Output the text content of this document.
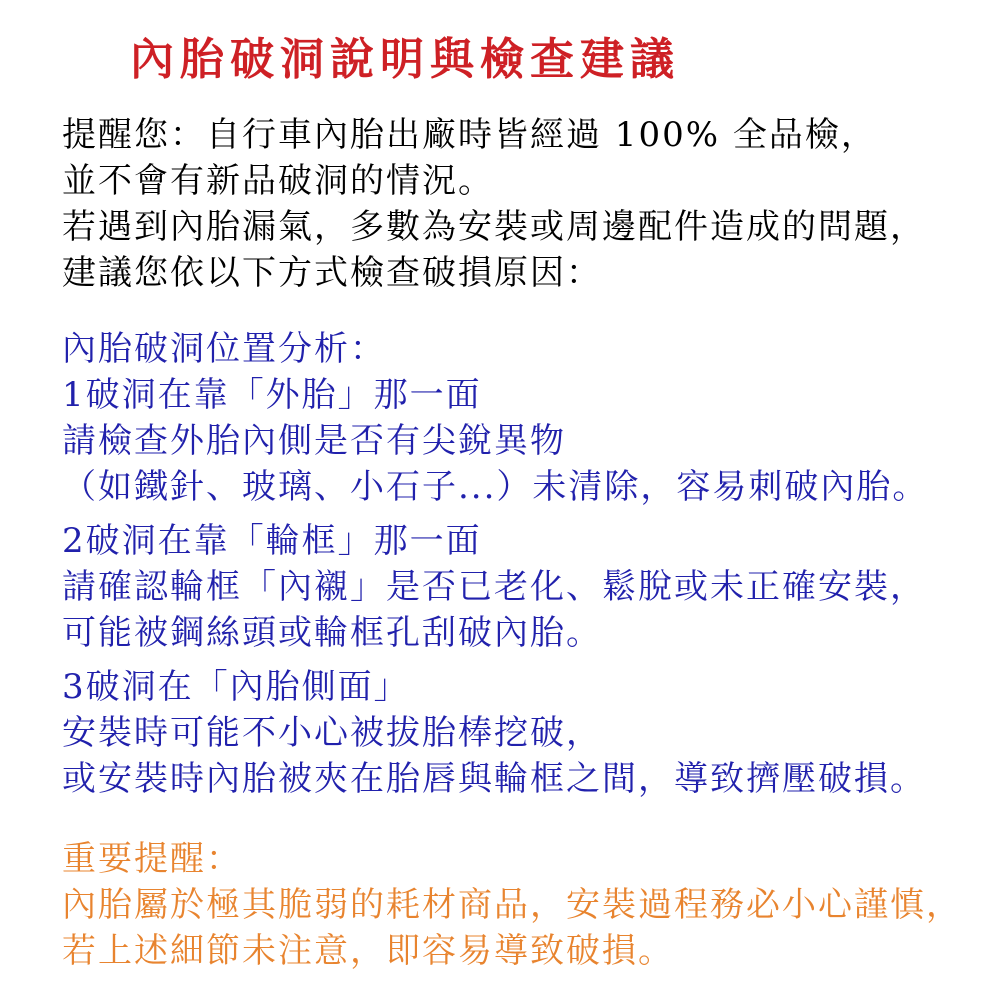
內胎破洞說明與檢查建議

提醒您：自行車內胎出廠時皆經過 100% 全品檢，

並不會有新品破洞的情況。

若遇到內胎漏氣，多數為安裝或周邊配件造成的問題，

建議您依以下方式檢查破損原因：

內胎破洞位置分析：

1破洞在靠「外胎」那一面

請檢查外胎內側是否有尖銳異物

（如鐵針、玻璃、小石子...）未清除，容易刺破內胎。

2破洞在靠「輪框」那一面

請確認輪框「內襯」是否已老化、鬆脫或未正確安裝，

可能被鋼絲頭或輪框孔刮破內胎。

3破洞在「內胎側面」

安裝時可能不小心被拔胎棒挖破，

或安裝時內胎被夾在胎唇與輪框之間，導致擠壓破損。

重要提醒：

內胎屬於極其脆弱的耗材商品，安裝過程務必小心謹慎，

若上述細節未注意，即容易導致破損。
